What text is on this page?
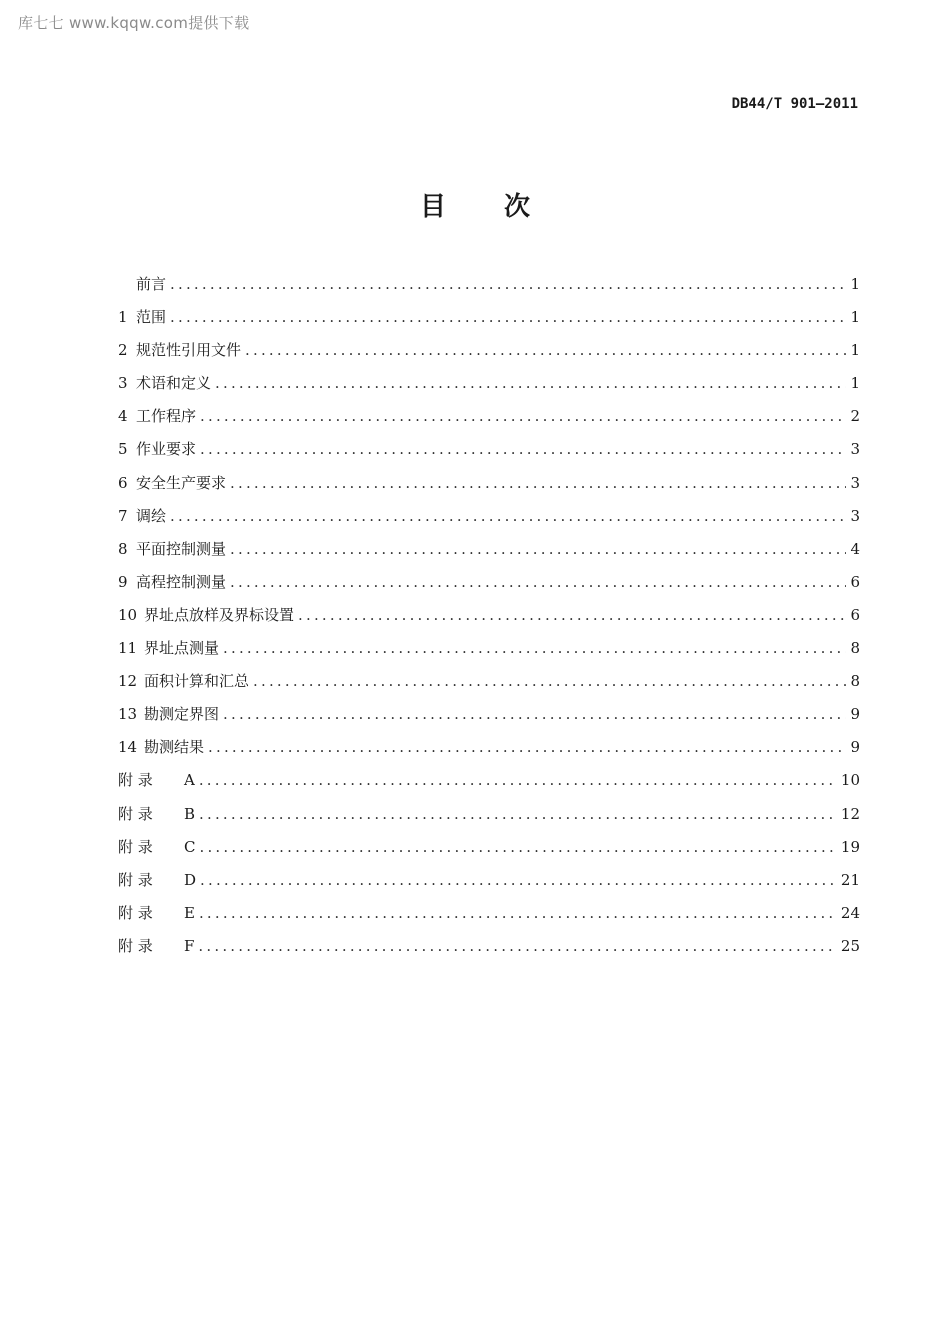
库七七 www.kqqw.com提供下载
DB44/T 901—2011
目次
前言 .....	1
1 范围 .....	1
2 规范性引用文件 .....	1
3 术语和定义 .....	1
4 工作程序 .....	2
5 作业要求 .....	3
6 安全生产要求 .....	3
7 调绘 .....	3
8 平面控制测量 .....	4
9 高程控制测量 .....	6
10 界址点放样及界标设置 .....	6
11 界址点测量 .....	8
12 面积计算和汇总 .....	8
13 勘测定界图 .....	9
14 勘测结果 .....	9
附 录 A .....	10
附 录 B .....	12
附 录 C .....	19
附 录 D .....	21
附 录 E .....	24
附 录 F .....	25
